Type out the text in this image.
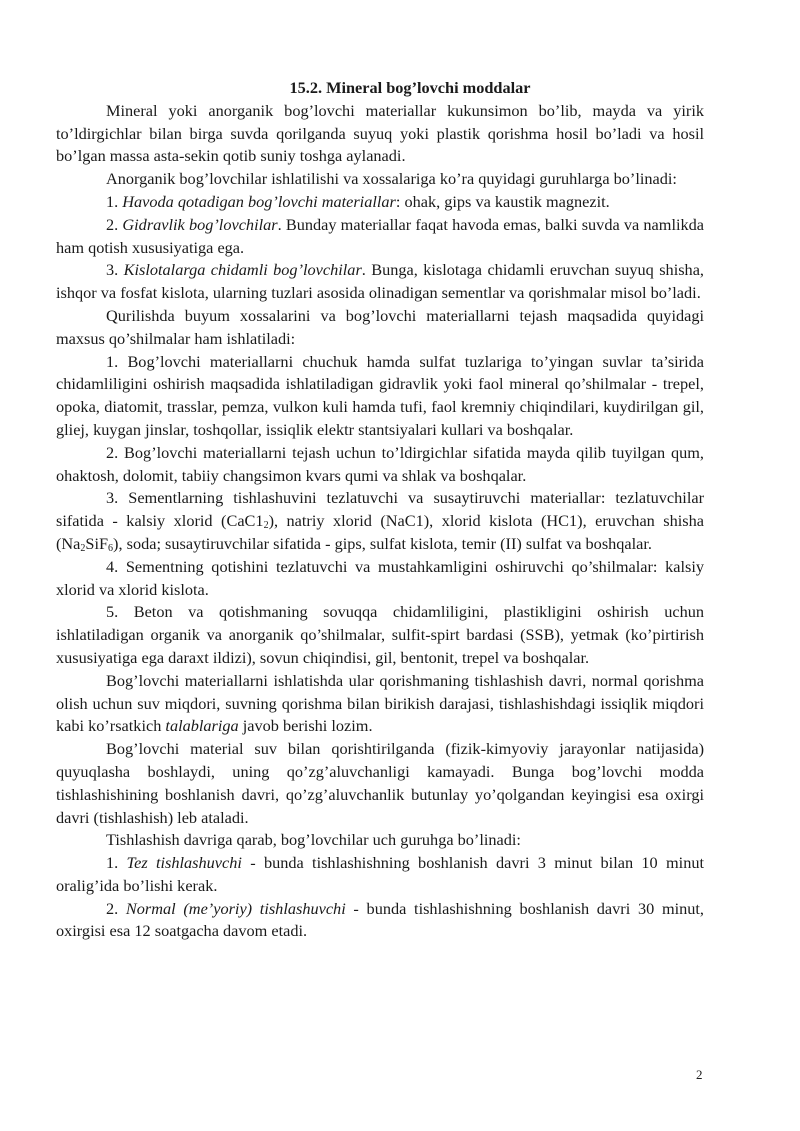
15.2. Mineral bog’lovchi moddalar

Mineral yoki anorganik bog’lovchi materiallar kukunsimon bo’lib, mayda va yirik to’ldirgichlar bilan birga suvda qorilganda suyuq yoki plastik qorishma hosil bo’ladi va hosil bo’lgan massa asta-sekin qotib suniy toshga aylanadi.

Anorganik bog’lovchilar ishlatilishi va xossalariga ko’ra quyidagi guruhlarga bo’linadi:

1. Havoda qotadigan bog’lovchi materiallar: ohak, gips va kaustik magnezit.

2. Gidravlik bog’lovchilar. Bunday materiallar faqat havoda emas, balki suvda va namlikda ham qotish xususiyatiga ega.

3. Kislotalarga chidamli bog’lovchilar. Bunga, kislotaga chidamli eruvchan suyuq shisha, ishqor va fosfat kislota, ularning tuzlari asosida olinadigan sementlar va qorishmalar misol bo’ladi.

Qurilishda buyum xossalarini va bog’lovchi materiallarni tejash maqsadida quyidagi maxsus qo’shilmalar ham ishlatiladi:

1. Bog’lovchi materiallarni chuchuk hamda sulfat tuzlariga to’yingan suvlar ta’sirida chidamliligini oshirish maqsadida ishlatiladigan gidravlik yoki faol mineral qo’shilmalar - trepel, opoka, diatomit, trasslar, pemza, vulkon kuli hamda tufi, faol kremniy chiqindilari, kuydirilgan gil, gliej, kuygan jinslar, toshqollar, issiqlik elektr stantsiyalari kullari va boshqalar.

2. Bog’lovchi materiallarni tejash uchun to’ldirgichlar sifatida mayda qilib tuyilgan qum, ohaktosh, dolomit, tabiiy changsimon kvars qumi va shlak va boshqalar.

3. Sementlarning tishlashuvini tezlatuvchi va susaytiruvchi materiallar: tezlatuvchilar sifatida - kalsiy xlorid $(CaC1_2)$, natriy xlorid (NaC1), xlorid kislota (HC1), eruvchan shisha $(Na_2SiF_6)$, soda; susaytiruvchilar sifatida - gips, sulfat kislota, temir (II) sulfat va boshqalar.

4. Sementning qotishini tezlatuvchi va mustahkamligini oshiruvchi qo’shilmalar: kalsiy xlorid va xlorid kislota.

5. Beton va qotishmaning sovuqqa chidamliligini, plastikligini oshirish uchun ishlatiladigan organik va anorganik qo’shilmalar, sulfit-spirt bardasi (SSB), yetmak (ko’pirtirish xususiyatiga ega daraxt ildizi), sovun chiqindisi, gil, bentonit, trepel va boshqalar.

Bog’lovchi materiallarni ishlatishda ular qorishmaning tishlashish davri, normal qorishma olish uchun suv miqdori, suvning qorishma bilan birikish darajasi, tishlashishdagi issiqlik miqdori kabi ko’rsatkich talablariga javob berishi lozim.

Bog’lovchi material suv bilan qorishtirilganda (fizik-kimyoviy jarayonlar natijasida) quyuqlasha boshlaydi, uning qo’zg’aluvchanligi kamayadi. Bunga bog’lovchi modda tishlashishining boshlanish davri, qo’zg’aluvchanlik butunlay yo’qolgandan keyingisi esa oxirgi davri (tishlashish) leb ataladi.

Tishlashish davriga qarab, bog’lovchilar uch guruhga bo’linadi:

1. Tez tishlashuvchi - bunda tishlashishning boshlanish davri 3 minut bilan 10 minut oralig’ida bo’lishi kerak.

2. Normal (me’yoriy) tishlashuvchi - bunda tishlashishning boshlanish davri 30 minut, oxirgisi esa 12 soatgacha davom etadi.

2
